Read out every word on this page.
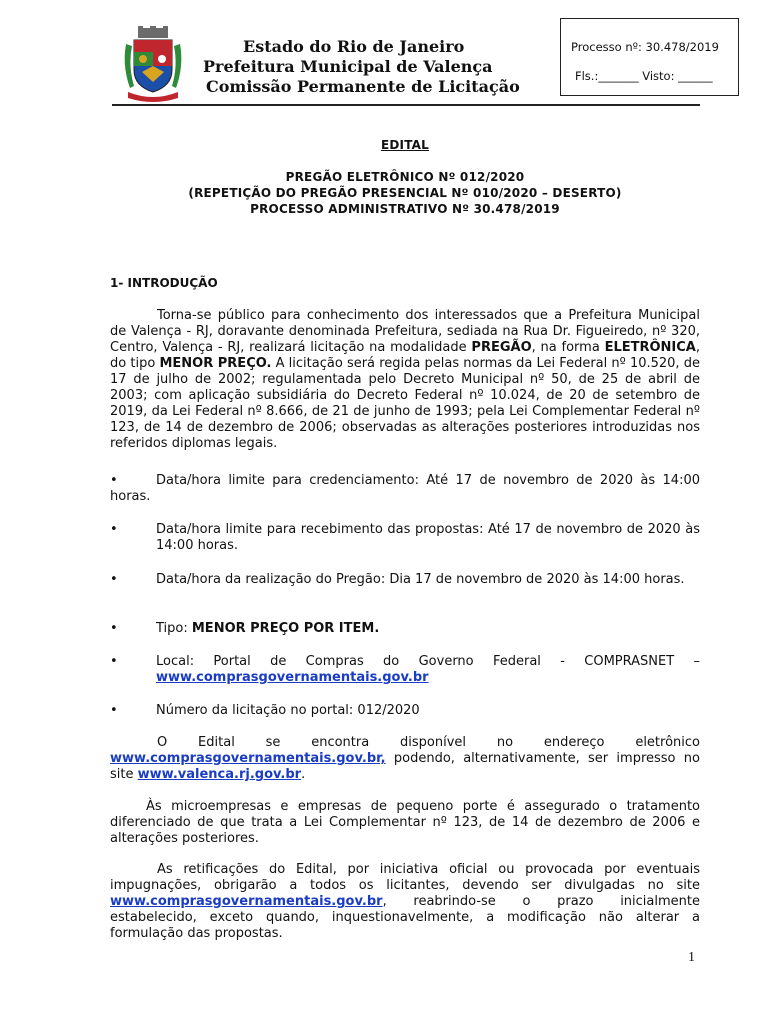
Estado do Rio de Janeiro
Prefeitura Municipal de Valença
Comissão Permanente de Licitação
Processo nº: 30.478/2019
Fls.:_______ Visto: ______
EDITAL
PREGÃO ELETRÔNICO Nº 012/2020
(REPETIÇÃO DO PREGÃO PRESENCIAL Nº 010/2020 – DESERTO)
PROCESSO ADMINISTRATIVO Nº 30.478/2019
1- INTRODUÇÃO
Torna-se público para conhecimento dos interessados que a Prefeitura Municipal de Valença - RJ, doravante denominada Prefeitura, sediada na Rua Dr. Figueiredo, nº 320, Centro, Valença - RJ, realizará licitação na modalidade PREGÃO, na forma ELETRÔNICA, do tipo MENOR PREÇO. A licitação será regida pelas normas da Lei Federal nº 10.520, de 17 de julho de 2002; regulamentada pelo Decreto Municipal nº 50, de 25 de abril de 2003; com aplicação subsidiária do Decreto Federal nº 10.024, de 20 de setembro de 2019, da Lei Federal nº 8.666, de 21 de junho de 1993; pela Lei Complementar Federal nº 123, de 14 de dezembro de 2006; observadas as alterações posteriores introduzidas nos referidos diplomas legais.
•	Data/hora limite para credenciamento: Até 17 de novembro de 2020 às 14:00 horas.
•	Data/hora limite para recebimento das propostas: Até 17 de novembro de 2020 às 14:00 horas.
•	Data/hora da realização do Pregão: Dia 17 de novembro de 2020 às 14:00 horas.
•	Tipo: MENOR PREÇO POR ITEM.
•	Local: Portal de Compras do Governo Federal - COMPRASNET –
www.comprasgovernamentais.gov.br
•	Número da licitação no portal: 012/2020
O Edital se encontra disponível no endereço eletrônico
www.comprasgovernamentais.gov.br, podendo, alternativamente, ser impresso no site www.valenca.rj.gov.br.
Às microempresas e empresas de pequeno porte é assegurado o tratamento diferenciado de que trata a Lei Complementar nº 123, de 14 de dezembro de 2006 e alterações posteriores.
As retificações do Edital, por iniciativa oficial ou provocada por eventuais impugnações, obrigarão a todos os licitantes, devendo ser divulgadas no site www.comprasgovernamentais.gov.br, reabrindo-se o prazo inicialmente estabelecido, exceto quando, inquestionavelmente, a modificação não alterar a formulação das propostas.
1
